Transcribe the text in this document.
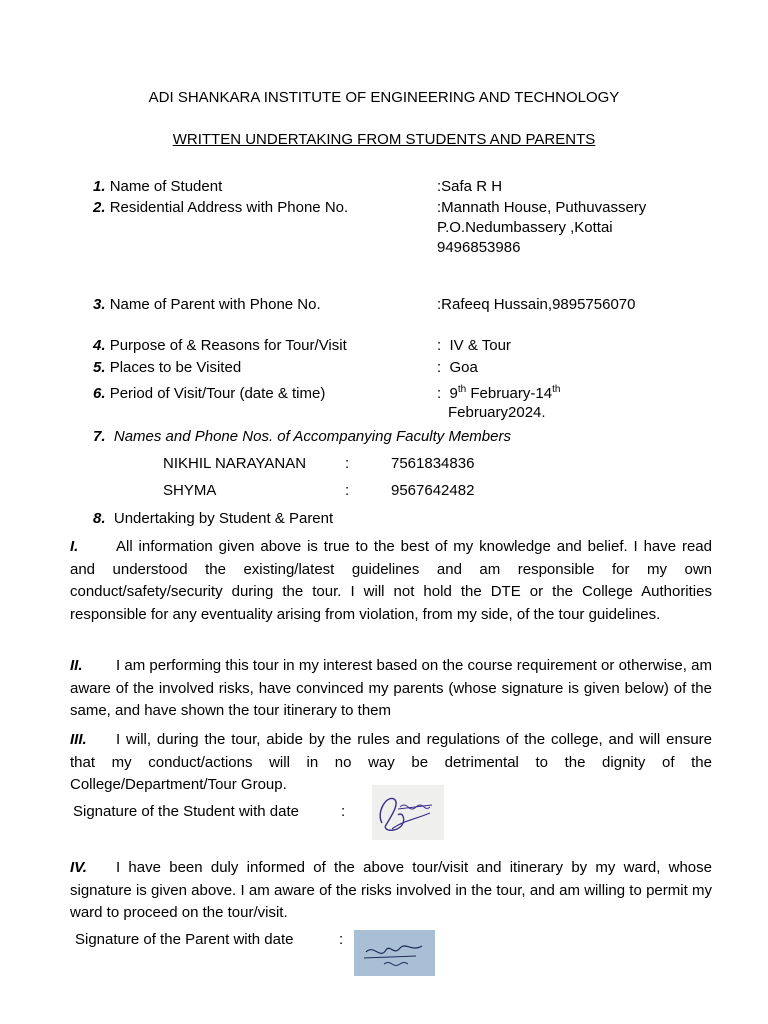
ADI SHANKARA INSTITUTE OF ENGINEERING AND TECHNOLOGY
WRITTEN UNDERTAKING FROM STUDENTS AND PARENTS
1. Name of Student	:Safa R H
2. Residential Address with Phone No.	:Mannath House, Puthuvassery
P.O.Nedumbassery ,Kottai
9496853986
3. Name of Parent with Phone No.	:Rafeeq Hussain,9895756070
4. Purpose of & Reasons for Tour/Visit	:  IV & Tour
5. Places to be Visited	:  Goa
6. Period of Visit/Tour (date & time)	:  9th February-14th
February2024.
7. Names and Phone Nos. of Accompanying Faculty Members
NIKHIL NARAYANAN	:	7561834836
SHYMA	:	9567642482
8. Undertaking by Student & Parent
I.	All information given above is true to the best of my knowledge and belief. I have read and understood the existing/latest guidelines and am responsible for my own conduct/safety/security during the tour. I will not hold the DTE or the College Authorities responsible for any eventuality arising from violation, from my side, of the tour guidelines.
II. I am performing this tour in my interest based on the course requirement or otherwise, am aware of the involved risks, have convinced my parents (whose signature is given below) of the same, and have shown the tour itinerary to them
III. I will, during the tour, abide by the rules and regulations of the college, and will ensure that my conduct/actions will in no way be detrimental to the dignity of the College/Department/Tour Group.
Signature of the Student with date	:
IV. I have been duly informed of the above tour/visit and itinerary by my ward, whose signature is given above. I am aware of the risks involved in the tour, and am willing to permit my ward to proceed on the tour/visit.
Signature of the Parent with date	:
